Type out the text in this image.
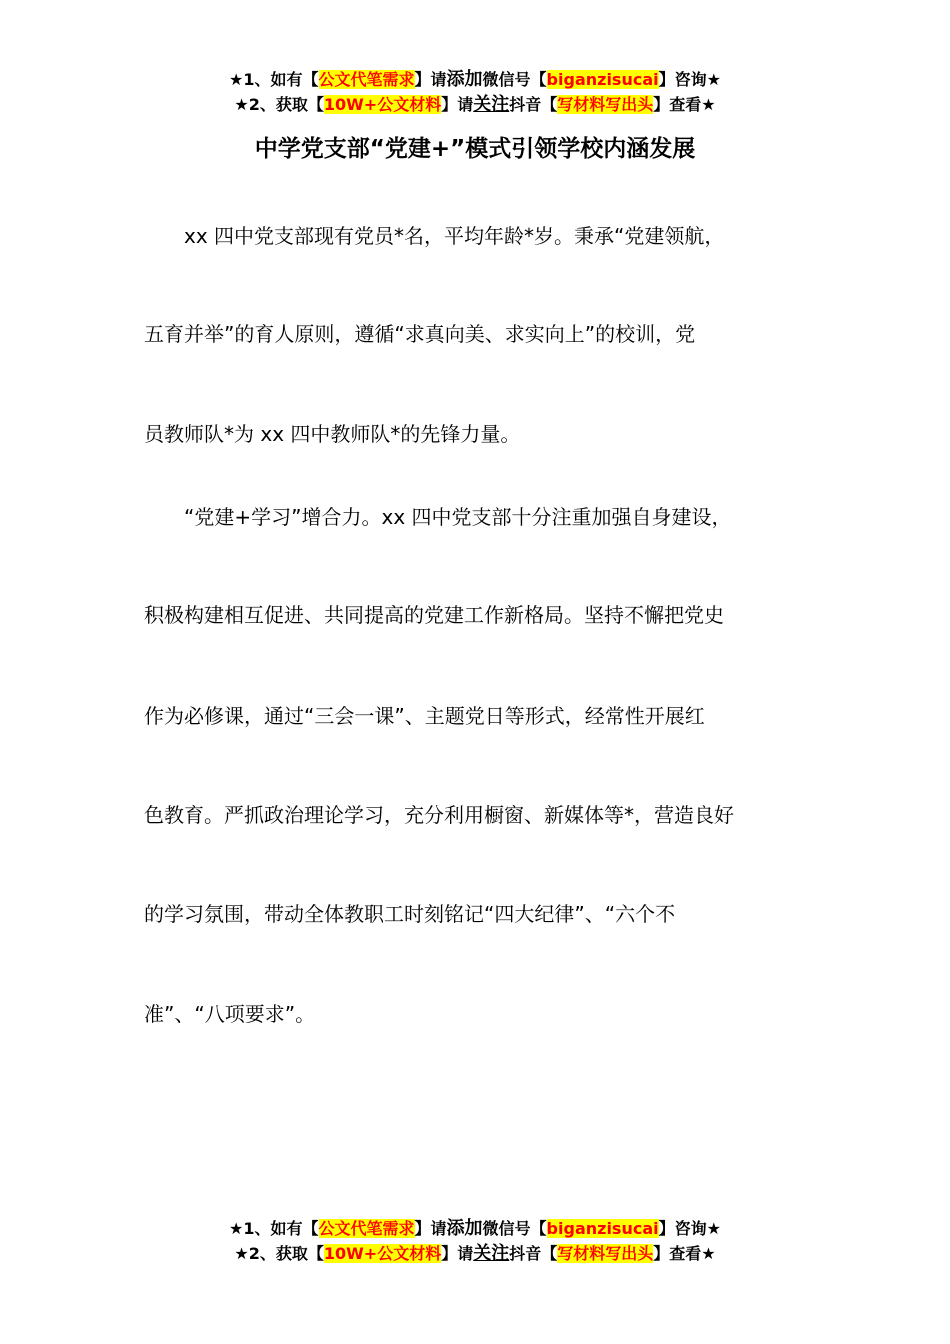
★1、如有【公文代笔需求】请添加微信号【biganzisucai】咨询★
★2、获取【10W+公文材料】请关注抖音【写材料写出头】查看★
中学党支部“党建+”模式引领学校内涵发展
xx 四中党支部现有党员*名，平均年龄*岁。秉承“党建领航，
五育并举”的育人原则，遵循“求真向美、求实向上”的校训，党
员教师队*为 xx 四中教师队*的先锋力量。
“党建+学习”增合力。xx 四中党支部十分注重加强自身建设，
积极构建相互促进、共同提高的党建工作新格局。坚持不懈把党史
作为必修课，通过“三会一课”、主题党日等形式，经常性开展红
色教育。严抓政治理论学习，充分利用橱窗、新媒体等*，营造良好
的学习氛围，带动全体教职工时刻铭记“四大纪律”、“六个不
准”、“八项要求”。
★1、如有【公文代笔需求】请添加微信号【biganzisucai】咨询★
★2、获取【10W+公文材料】请关注抖音【写材料写出头】查看★
